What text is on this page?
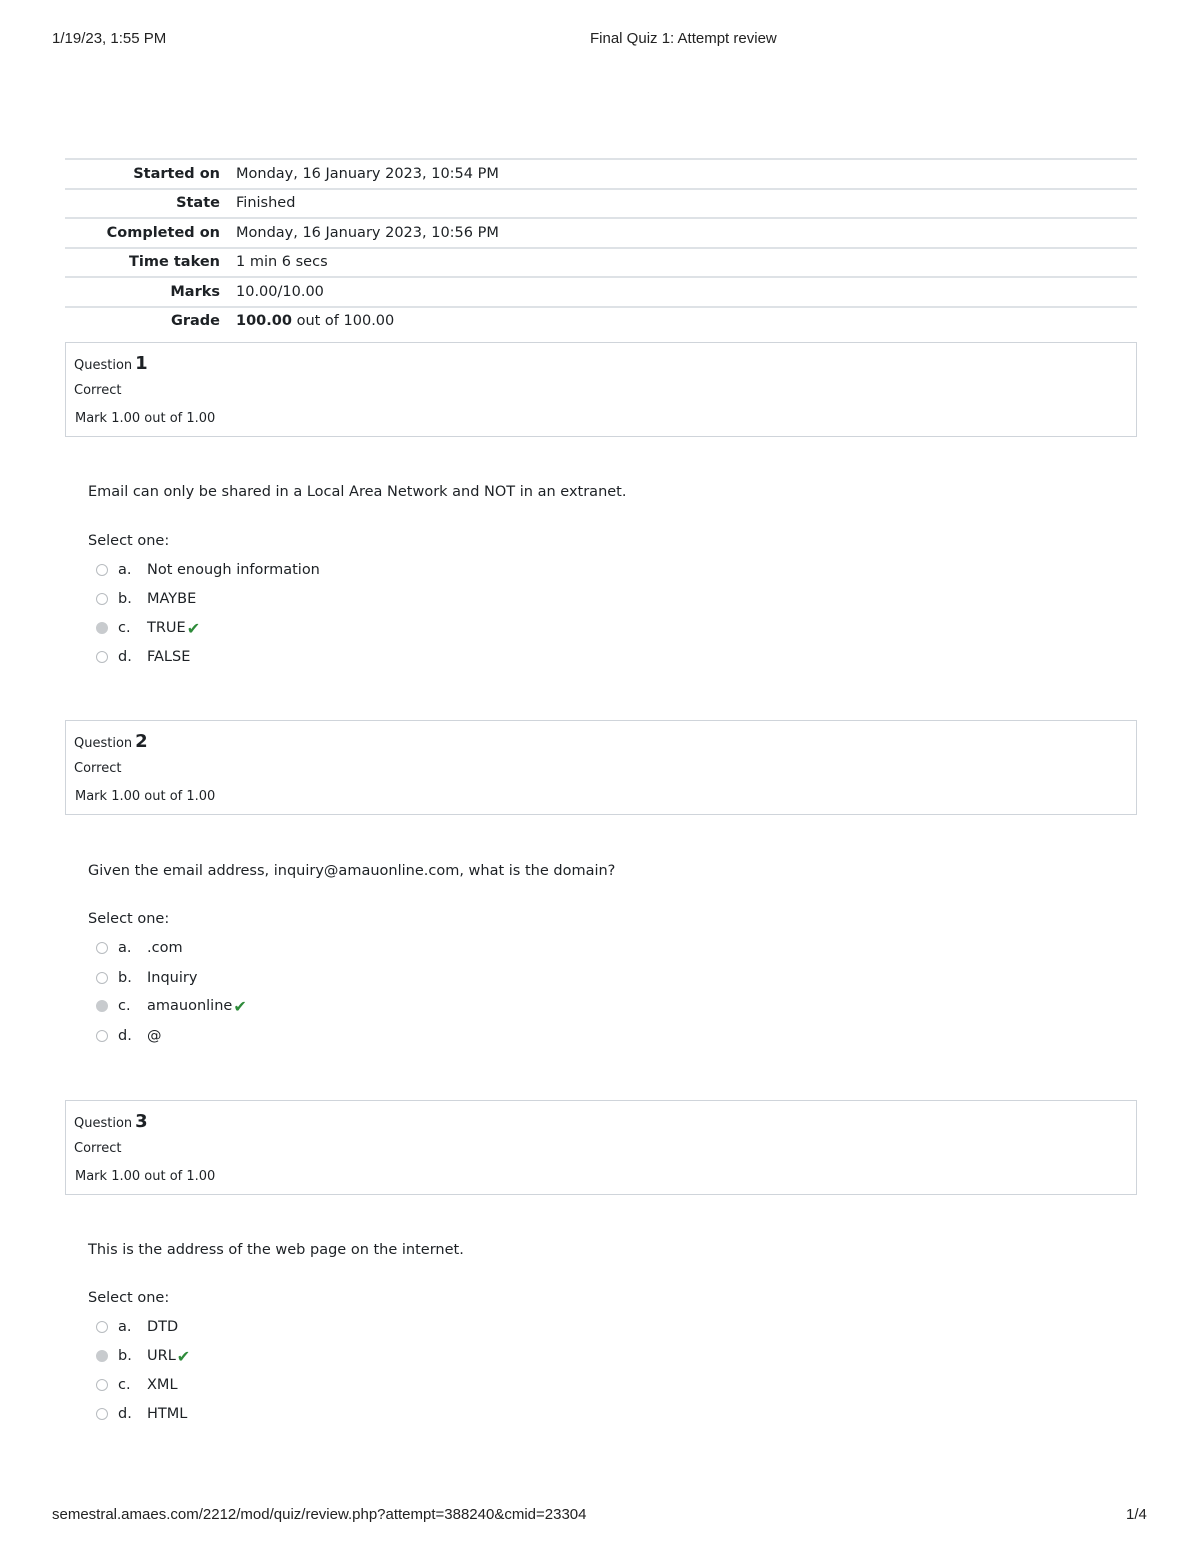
1/19/23, 1:55 PM	Final Quiz 1: Attempt review
semestral.amaes.com/2212/mod/quiz/review.php?attempt=388240&cmid=23304	1/4
Started on	Monday, 16 January 2023, 10:54 PM
State	Finished
Completed on	Monday, 16 January 2023, 10:56 PM
Time taken	1 min 6 secs
Marks	10.00/10.00
Grade	100.00 out of 100.00
Question 1
Correct
Mark 1.00 out of 1.00
Email can only be shared in a Local Area Network and NOT in an extranet.
Select one:
a.	Not enough information
b.	MAYBE
c.	TRUE ✔
d.	FALSE
Question 2
Correct
Mark 1.00 out of 1.00
Given the email address, inquiry@amauonline.com, what is the domain?
Select one:
a.	.com
b.	Inquiry
c.	amauonline ✔
d.	@
Question 3
Correct
Mark 1.00 out of 1.00
This is the address of the web page on the internet.
Select one:
a.	DTD
b.	URL ✔
c.	XML
d.	HTML
